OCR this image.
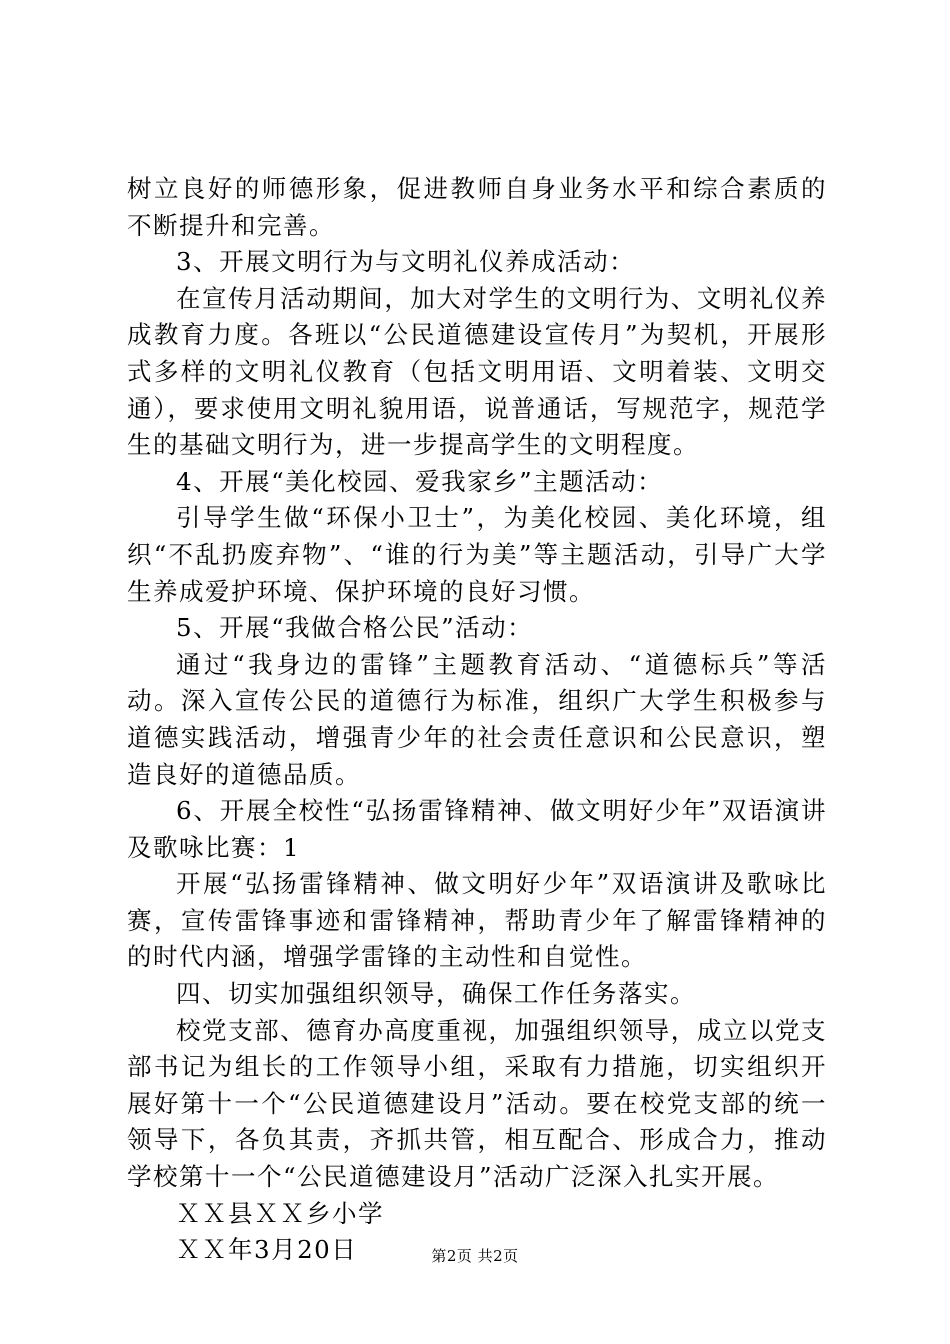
树立良好的师德形象，促进教师自身业务水平和综合素质的不断提升和完善。

3、开展文明行为与文明礼仪养成活动：

在宣传月活动期间，加大对学生的文明行为、文明礼仪养成教育力度。各班以“公民道德建设宣传月”为契机，开展形式多样的文明礼仪教育（包括文明用语、文明着装、文明交通），要求使用文明礼貌用语，说普通话，写规范字，规范学生的基础文明行为，进一步提高学生的文明程度。

4、开展“美化校园、爱我家乡”主题活动：

引导学生做“环保小卫士”，为美化校园、美化环境，组织“不乱扔废弃物”、“谁的行为美”等主题活动，引导广大学生养成爱护环境、保护环境的良好习惯。

5、开展“我做合格公民”活动：

通过“我身边的雷锋”主题教育活动、“道德标兵”等活动。深入宣传公民的道德行为标准，组织广大学生积极参与道德实践活动，增强青少年的社会责任意识和公民意识，塑造良好的道德品质。

6、开展全校性“弘扬雷锋精神、做文明好少年”双语演讲及歌咏比赛：1

开展“弘扬雷锋精神、做文明好少年”双语演讲及歌咏比赛，宣传雷锋事迹和雷锋精神，帮助青少年了解雷锋精神的的时代内涵，增强学雷锋的主动性和自觉性。

四、切实加强组织领导，确保工作任务落实。

校党支部、德育办高度重视，加强组织领导，成立以党支部书记为组长的工作领导小组，采取有力措施，切实组织开展好第十一个“公民道德建设月”活动。要在校党支部的统一领导下，各负其责，齐抓共管，相互配合、形成合力，推动学校第十一个“公民道德建设月”活动广泛深入扎实开展。

ＸＸ县ＸＸ乡小学

ＸＸ年3月20日	第2页 共2页
